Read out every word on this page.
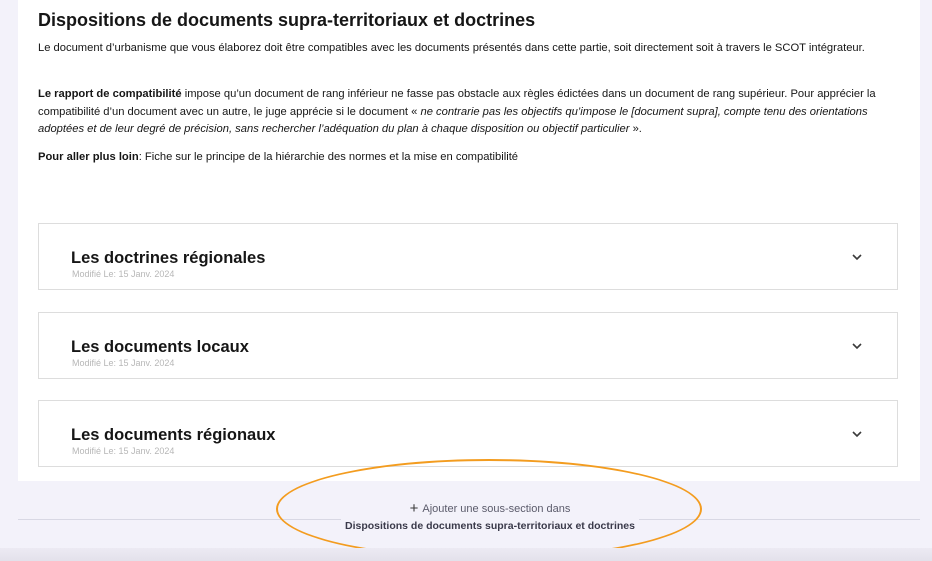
Dispositions de documents supra-territoriaux et doctrines

Le document d’urbanisme que vous élaborez doit être compatibles avec les documents présentés dans cette partie, soit directement soit à travers le SCOT intégrateur.

Le rapport de compatibilité impose qu’un document de rang inférieur ne fasse pas obstacle aux règles édictées dans un document de rang supérieur. Pour apprécier la compatibilité d’un document avec un autre, le juge apprécie si le document « ne contrarie pas les objectifs qu’impose le [document supra], compte tenu des orientations adoptées et de leur degré de précision, sans rechercher l’adéquation du plan à chaque disposition ou objectif particulier ».

Pour aller plus loin: Fiche sur le principe de la hiérarchie des normes et la mise en compatibilité

Les doctrines régionales
Modifié Le: 15 Janv. 2024
Les documents locaux
Modifié Le: 15 Janv. 2024
Les documents régionaux
Modifié Le: 15 Janv. 2024
+ Ajouter une sous-section dans
Dispositions de documents supra-territoriaux et doctrines
